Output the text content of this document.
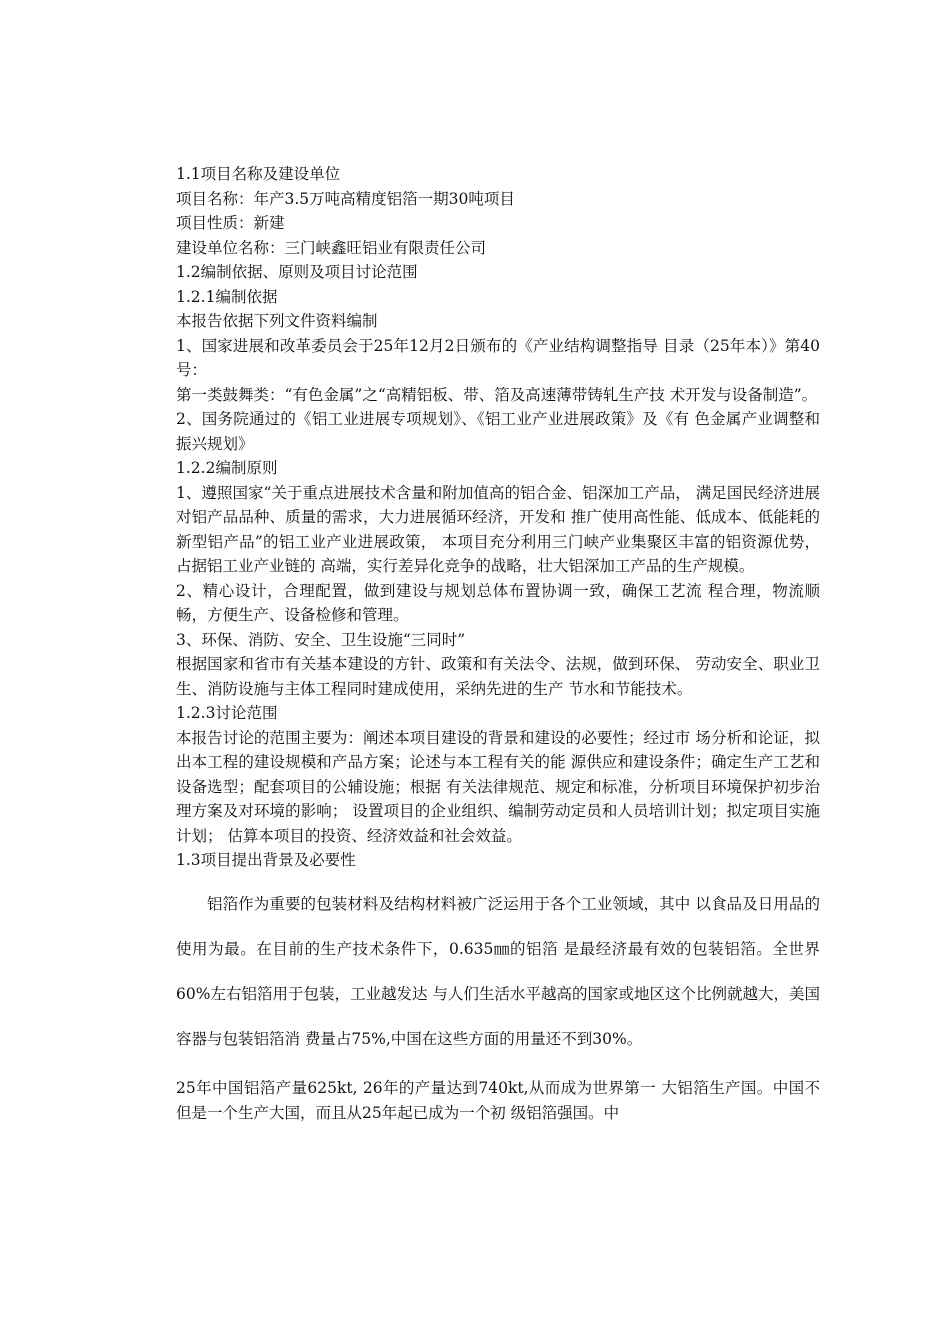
1.1项目名称及建设单位
项目名称：年产3.5万吨高精度铝箔一期30吨项目
项目性质：新建
建设单位名称：三门峡鑫旺铝业有限责任公司
1.2编制依据、原则及项目讨论范围
1.2.1编制依据
本报告依据下列文件资料编制

1、国家进展和改革委员会于25年12月2日颁布的《产业结构调整指导 目录（25年本）》第40号：

第一类鼓舞类：“有色金属”之“高精铝板、带、箔及高速薄带铸轧生产技 术开发与设备制造”。

2、国务院通过的《铝工业进展专项规划》、《铝工业产业进展政策》及《有 色金属产业调整和振兴规划》

1.2.2编制原则

1、遵照国家“关于重点进展技术含量和附加值高的铝合金、铝深加工产品， 满足国民经济进展对铝产品品种、质量的需求，大力进展循环经济，开发和 推广使用高性能、低成本、低能耗的新型铝产品”的铝工业产业进展政策， 本项目充分利用三门峡产业集聚区丰富的铝资源优势，占据铝工业产业链的 高端，实行差异化竞争的战略，壮大铝深加工产品的生产规模。

2、精心设计，合理配置，做到建设与规划总体布置协调一致，确保工艺流 程合理，物流顺畅，方便生产、设备检修和管理。

3、环保、消防、安全、卫生设施“三同时”

根据国家和省市有关基本建设的方针、政策和有关法令、法规，做到环保、 劳动安全、职业卫生、消防设施与主体工程同时建成使用，采纳先进的生产 节水和节能技术。

1.2.3讨论范围

本报告讨论的范围主要为：阐述本项目建设的背景和建设的必要性；经过市 场分析和论证，拟出本工程的建设规模和产品方案；论述与本工程有关的能 源供应和建设条件；确定生产工艺和设备选型；配套项目的公辅设施；根据 有关法律规范、规定和标准，分析项目环境保护初步治理方案及对环境的影响； 设置项目的企业组织、编制劳动定员和人员培训计划；拟定项目实施计划； 估算本项目的投资、经济效益和社会效益。

1.3项目提出背景及必要性

铝箔作为重要的包装材料及结构材料被广泛运用于各个工业领域，其中 以食品及日用品的使用为最。在目前的生产技术条件下，0.635㎜的铝箔 是最经济最有效的包装铝箔。全世界60%左右铝箔用于包装，工业越发达 与人们生活水平越高的国家或地区这个比例就越大，美国容器与包装铝箔消 费量占75%,中国在这些方面的用量还不到30%。

25年中国铝箔产量625kt, 26年的产量达到740kt,从而成为世界第一 大铝箔生产国。中国不但是一个生产大国，而且从25年起已成为一个初 级铝箔强国。中
